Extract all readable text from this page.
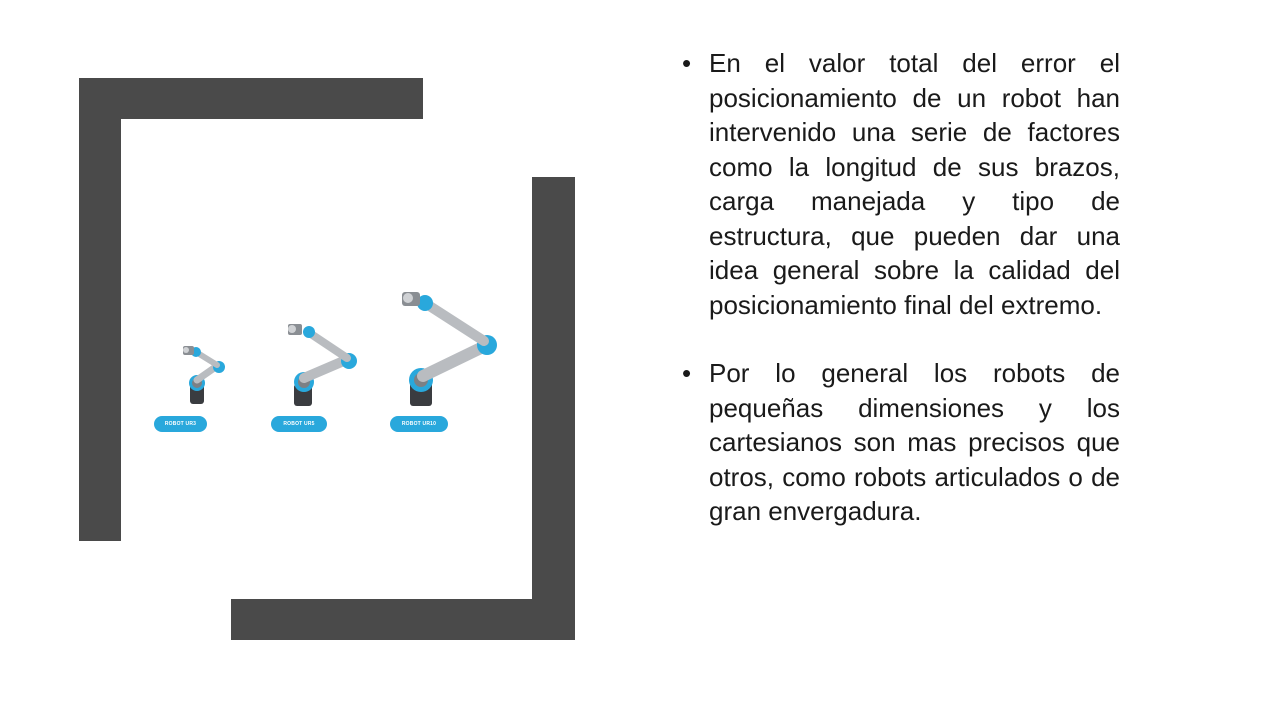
ROBOT UR3	ROBOT UR5	ROBOT UR10
• En el valor total del error el posicionamiento de un robot han intervenido una serie de factores como la longitud de sus brazos, carga manejada y tipo de estructura, que pueden dar una idea general sobre la calidad del posicionamiento final del extremo.
• Por lo general los robots de pequeñas dimensiones y los cartesianos son mas precisos que otros, como robots articulados o de gran envergadura.
